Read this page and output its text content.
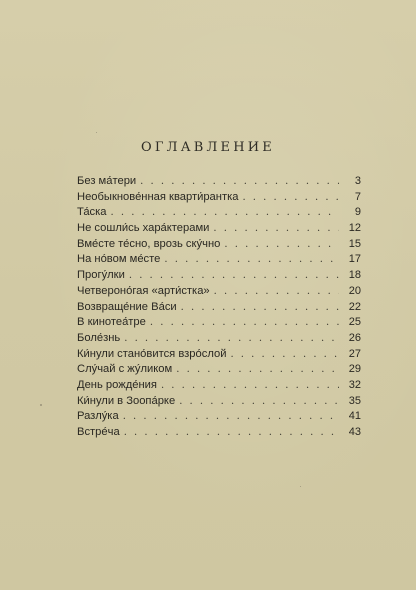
ОГЛАВЛЕНИЕ
Без ма́тери . . .	3
Необыкнове́нная кварти́рантка . . .	7
Та́ска . . .	9
Не сошли́сь хара́ктерами . . .	12
Вме́сте те́сно, врозь ску́чно . . .	15
На но́вом ме́сте . . .	17
Прогу́лки . . .	18
Четвероно́гая «арти́стка» . . .	20
Возвраще́ние Ва́си . . .	22
В кинотеа́тре . . .	25
Боле́знь . . .	26
Ки́нули стано́вится взро́слой . . .	27
Слу́чай с жу́ликом . . .	29
День рожде́ния . . .	32
Ки́нули в Зоопа́рке . . .	35
Разлу́ка . . .	41
Встре́ча . . .	43
